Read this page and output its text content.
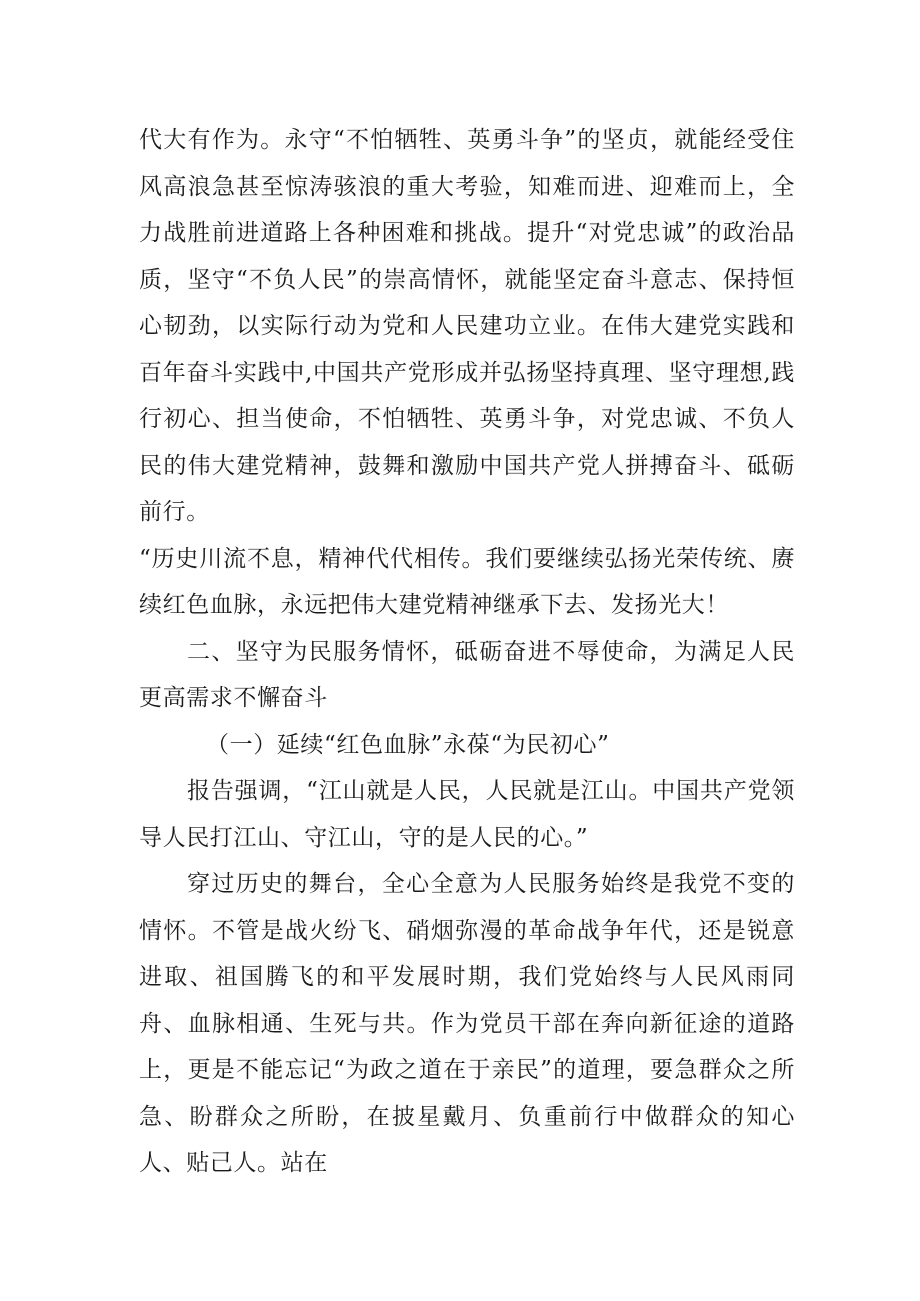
代大有作为。永守“不怕牺牲、英勇斗争”的坚贞，就能经受住风高浪急甚至惊涛骇浪的重大考验，知难而进、迎难而上，全力战胜前进道路上各种困难和挑战。提升“对党忠诚”的政治品质，坚守“不负人民”的崇高情怀，就能坚定奋斗意志、保持恒心韧劲，以实际行动为党和人民建功立业。在伟大建党实践和百年奋斗实践中,中国共产党形成并弘扬坚持真理、坚守理想,践行初心、担当使命，不怕牺牲、英勇斗争，对党忠诚、不负人民的伟大建党精神，鼓舞和激励中国共产党人拼搏奋斗、砥砺前行。

“历史川流不息，精神代代相传。我们要继续弘扬光荣传统、赓续红色血脉，永远把伟大建党精神继承下去、发扬光大！

二、坚守为民服务情怀，砥砺奋进不辱使命，为满足人民更高需求不懈奋斗

（一）延续“红色血脉”永葆“为民初心”

报告强调，“江山就是人民，人民就是江山。中国共产党领导人民打江山、守江山，守的是人民的心。”

穿过历史的舞台，全心全意为人民服务始终是我党不变的情怀。不管是战火纷飞、硝烟弥漫的革命战争年代，还是锐意进取、祖国腾飞的和平发展时期，我们党始终与人民风雨同舟、血脉相通、生死与共。作为党员干部在奔向新征途的道路上，更是不能忘记“为政之道在于亲民”的道理，要急群众之所急、盼群众之所盼，在披星戴月、负重前行中做群众的知心人、贴己人。站在
